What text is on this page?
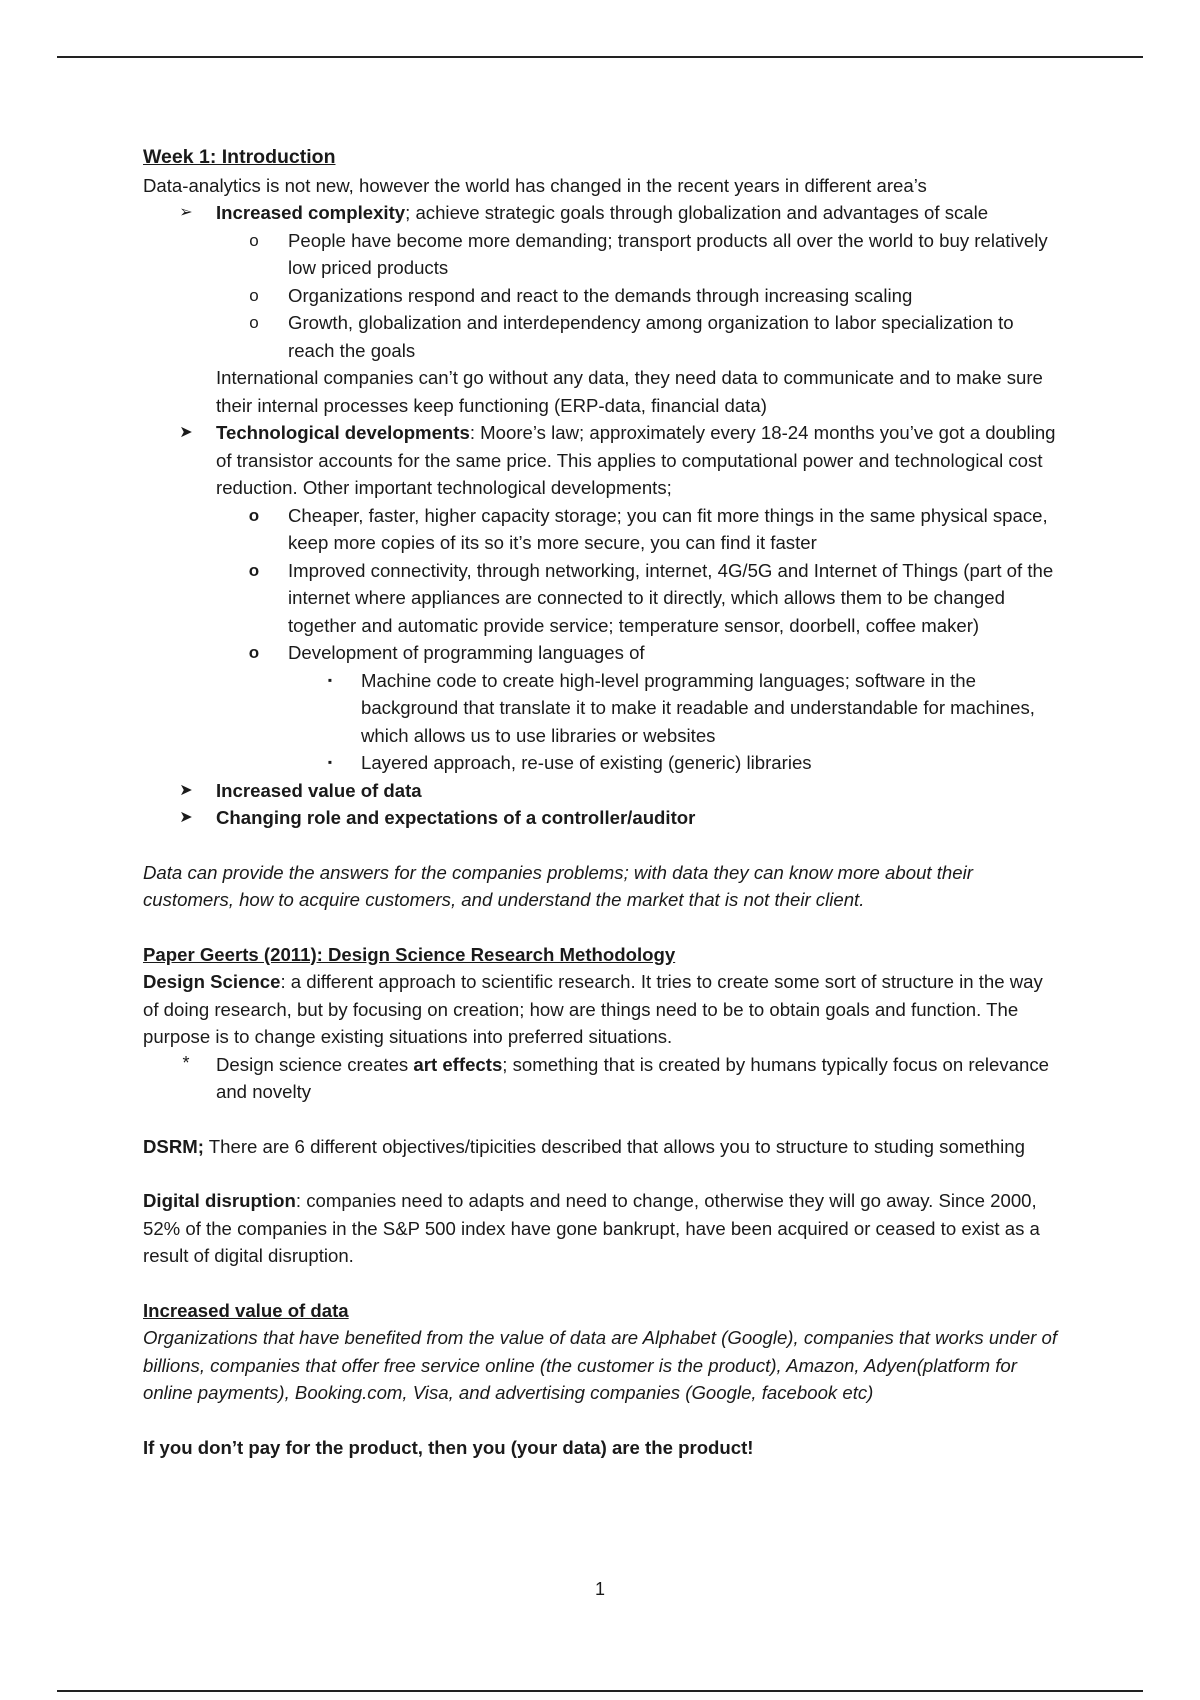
Week 1: Introduction
Data-analytics is not new, however the world has changed in the recent years in different area’s
➢ Increased complexity; achieve strategic goals through globalization and advantages of scale
o People have become more demanding; transport products all over the world to buy relatively low priced products
o Organizations respond and react to the demands through increasing scaling
o Growth, globalization and interdependency among organization to labor specialization to reach the goals
International companies can’t go without any data, they need data to communicate and to make sure their internal processes keep functioning (ERP-data, financial data)
➤ Technological developments: Moore’s law; approximately every 18-24 months you’ve got a doubling of transistor accounts for the same price. This applies to computational power and technological cost reduction. Other important technological developments;
o Cheaper, faster, higher capacity storage; you can fit more things in the same physical space, keep more copies of its so it’s more secure, you can find it faster
o Improved connectivity, through networking, internet, 4G/5G and Internet of Things (part of the internet where appliances are connected to it directly, which allows them to be changed together and automatic provide service; temperature sensor, doorbell, coffee maker)
o Development of programming languages of
▪ Machine code to create high-level programming languages; software in the background that translate it to make it readable and understandable for machines, which allows us to use libraries or websites
▪ Layered approach, re-use of existing (generic) libraries
➤ Increased value of data
➤ Changing role and expectations of a controller/auditor
Data can provide the answers for the companies problems; with data they can know more about their customers, how to acquire customers, and understand the market that is not their client.
Paper Geerts (2011): Design Science Research Methodology
Design Science: a different approach to scientific research. It tries to create some sort of structure in the way of doing research, but by focusing on creation; how are things need to be to obtain goals and function. The purpose is to change existing situations into preferred situations.
* Design science creates art effects; something that is created by humans typically focus on relevance and novelty
DSRM; There are 6 different objectives/tipicities described that allows you to structure to studing something
Digital disruption: companies need to adapts and need to change, otherwise they will go away. Since 2000, 52% of the companies in the S&P 500 index have gone bankrupt, have been acquired or ceased to exist as a result of digital disruption.
Increased value of data
Organizations that have benefited from the value of data are Alphabet (Google), companies that works under of billions, companies that offer free service online (the customer is the product), Amazon, Adyen(platform for online payments), Booking.com, Visa, and advertising companies (Google, facebook etc)
If you don’t pay for the product, then you (your data) are the product!
1
